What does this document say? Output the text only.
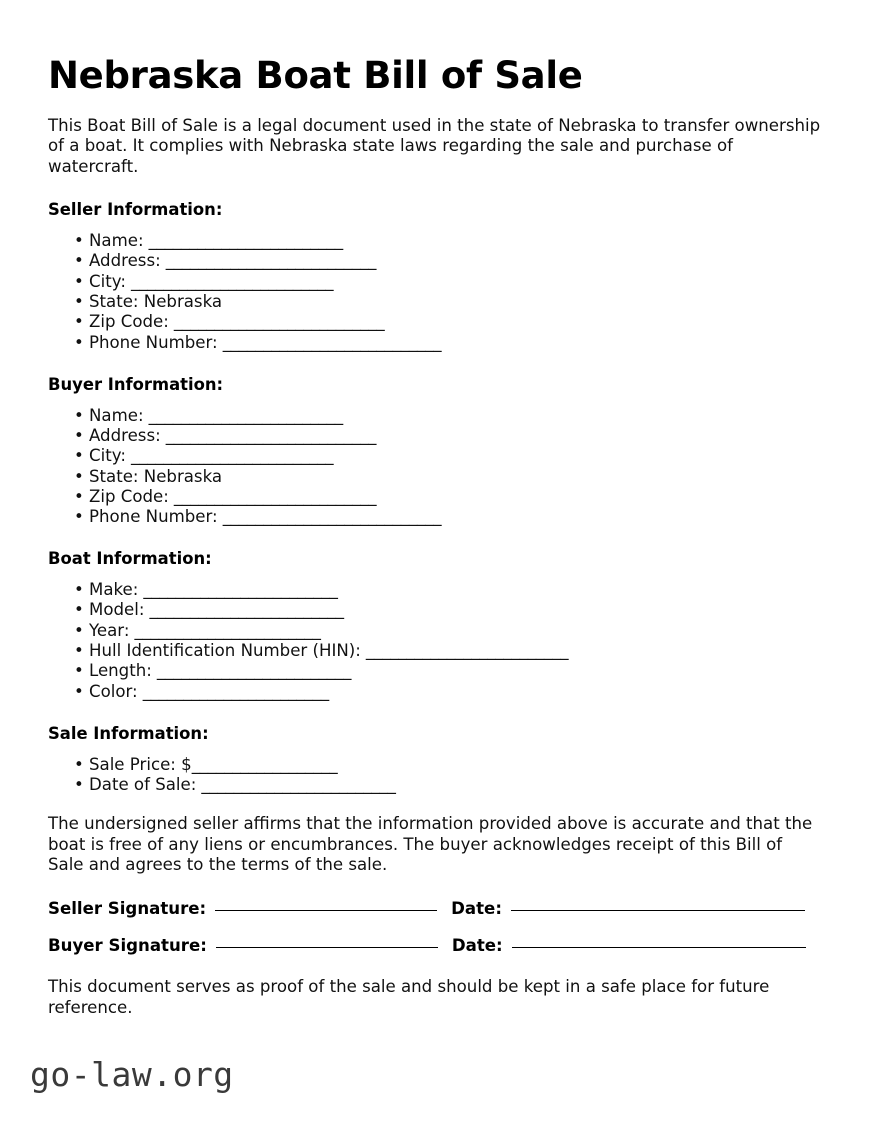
Nebraska Boat Bill of Sale

This Boat Bill of Sale is a legal document used in the state of Nebraska to transfer ownership of a boat. It complies with Nebraska state laws regarding the sale and purchase of watercraft.

Seller Information:
• Name: ________________________
• Address: __________________________
• City: _________________________
• State: Nebraska
• Zip Code: __________________________
• Phone Number: ___________________________
Buyer Information:
• Name: ________________________
• Address: __________________________
• City: _________________________
• State: Nebraska
• Zip Code: _________________________
• Phone Number: ___________________________
Boat Information:
• Make: ________________________
• Model: ________________________
• Year: _______________________
• Hull Identification Number (HIN): _________________________
• Length: ________________________
• Color: _______________________
Sale Information:
• Sale Price: $__________________
• Date of Sale: ________________________

The undersigned seller affirms that the information provided above is accurate and that the boat is free of any liens or encumbrances. The buyer acknowledges receipt of this Bill of Sale and agrees to the terms of the sale.

Seller Signature:	Date:
Buyer Signature:	Date:

This document serves as proof of the sale and should be kept in a safe place for future reference.

go-law.org
